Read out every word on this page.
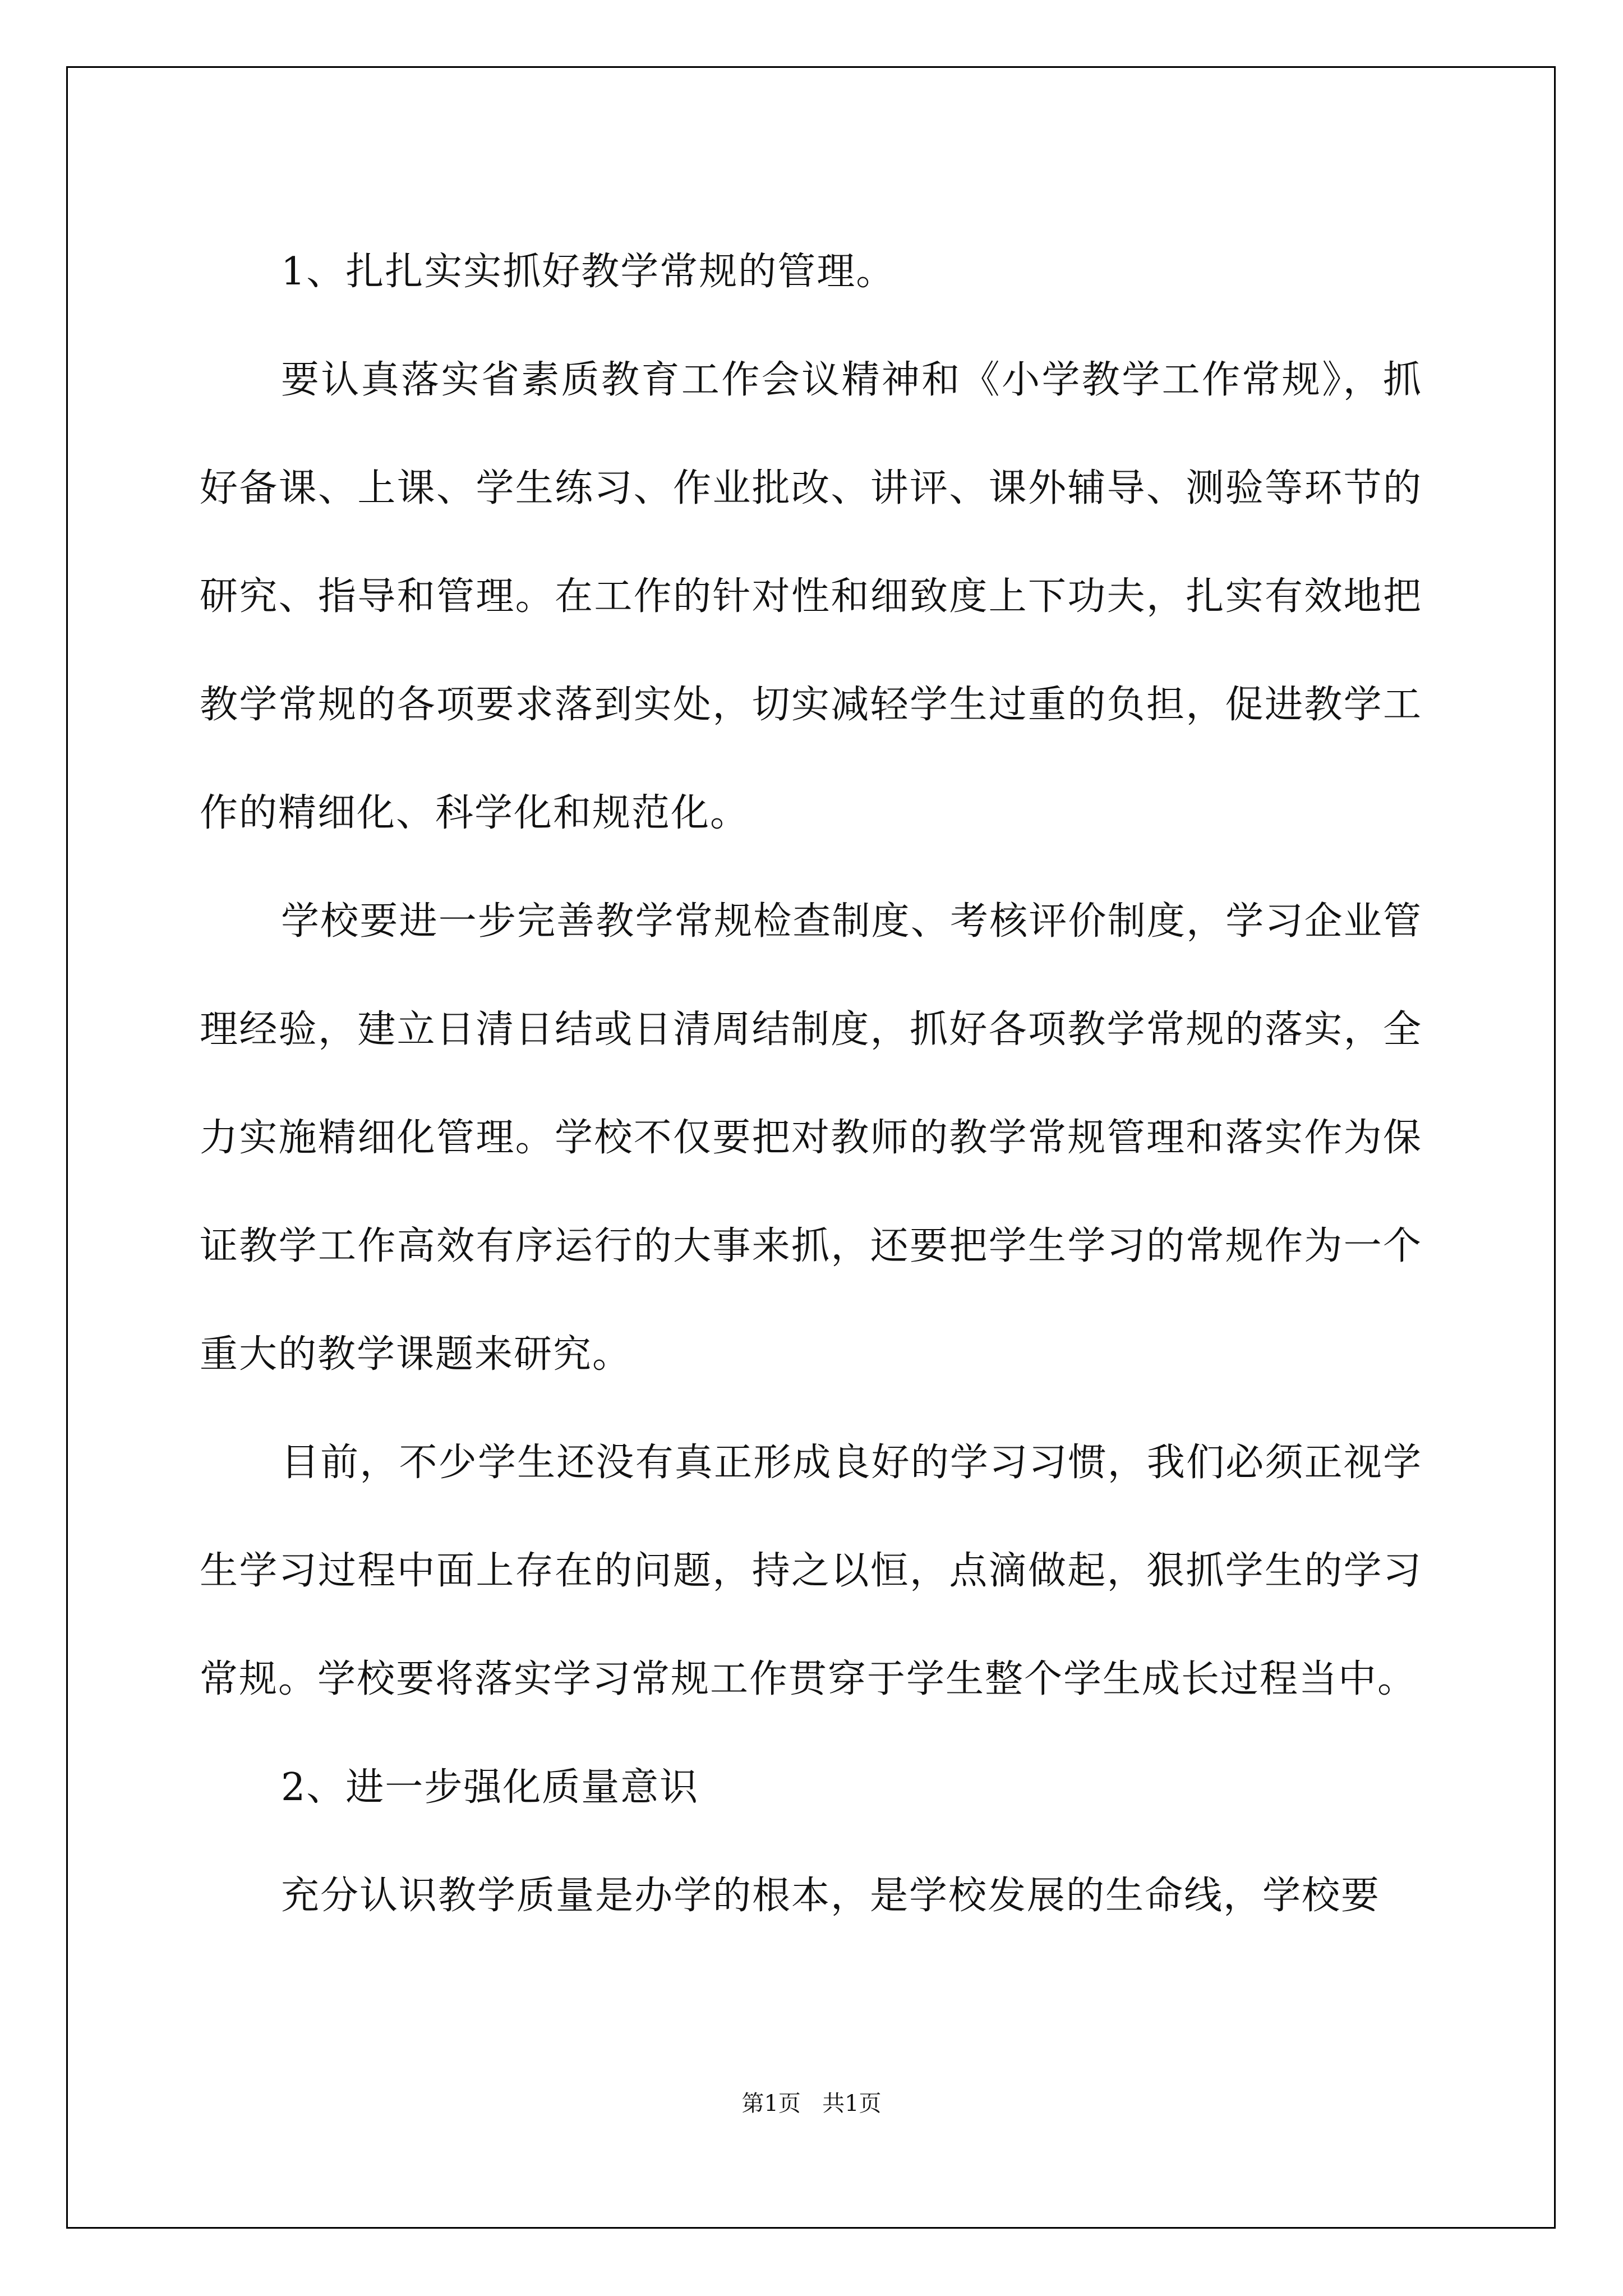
1、扎扎实实抓好教学常规的管理。

要认真落实省素质教育工作会议精神和《小学教学工作常规》，抓好备课、上课、学生练习、作业批改、讲评、课外辅导、测验等环节的研究、指导和管理。在工作的针对性和细致度上下功夫，扎实有效地把教学常规的各项要求落到实处，切实减轻学生过重的负担，促进教学工作的精细化、科学化和规范化。

学校要进一步完善教学常规检查制度、考核评价制度，学习企业管理经验，建立日清日结或日清周结制度，抓好各项教学常规的落实，全力实施精细化管理。学校不仅要把对教师的教学常规管理和落实作为保证教学工作高效有序运行的大事来抓，还要把学生学习的常规作为一个重大的教学课题来研究。

目前，不少学生还没有真正形成良好的学习习惯，我们必须正视学生学习过程中面上存在的问题，持之以恒，点滴做起，狠抓学生的学习常规。学校要将落实学习常规工作贯穿于学生整个学生成长过程当中。

2、进一步强化质量意识

充分认识教学质量是办学的根本，是学校发展的生命线，学校要

第1页 共1页
